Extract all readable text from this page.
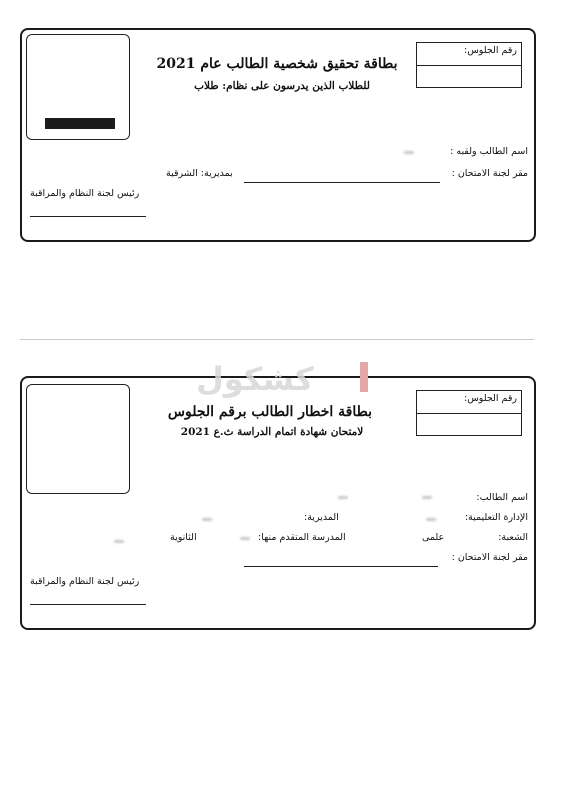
رقم الجلوس:
بطاقة تحقيق شخصية الطالب عام 2021
للطلاب الذين يدرسون على نظام: طلاب
اسم الطالب ولقبه :
مقر لجنة الامتحان :
بمديرية: الشرقية
رئيس لجنة النظام والمراقبة
رقم الجلوس:
بطاقة اخطار الطالب برقم الجلوس
لامتحان شهادة اتمام الدراسة ث.ع 2021
اسم الطالب:
الإدارة التعليمية:
المديرية:
الشعبة:
علمى
المدرسة المتقدم منها:
الثانوية
مقر لجنة الامتحان :
رئيس لجنة النظام والمراقبة
كشكول
